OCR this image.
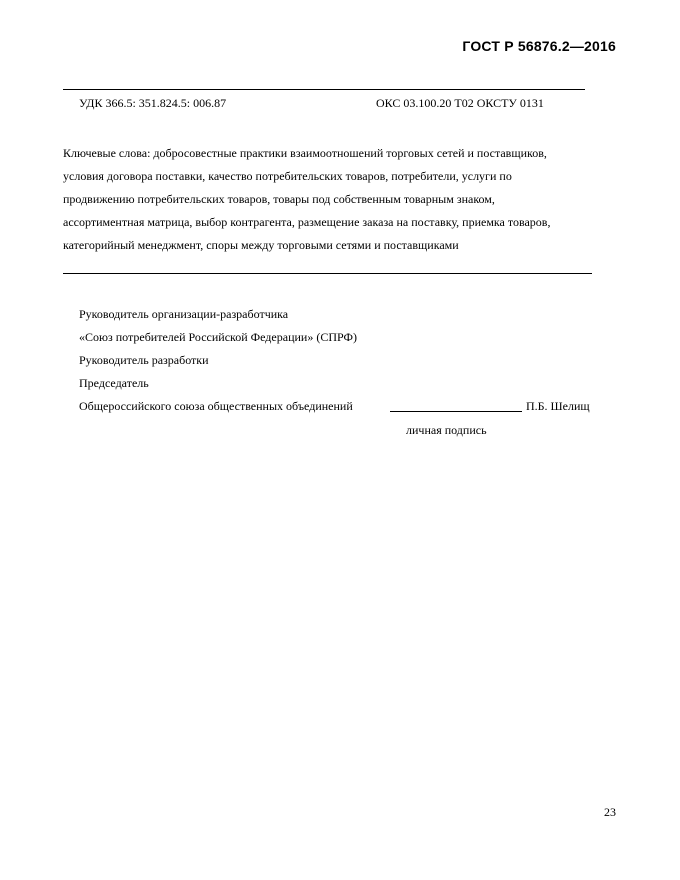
ГОСТ Р 56876.2—2016
УДК 366.5: 351.824.5: 006.87	ОКС 03.100.20 Т02 ОКСТУ 0131
Ключевые слова: добросовестные практики взаимоотношений торговых сетей и поставщиков,
условия договора поставки, качество потребительских товаров, потребители, услуги по
продвижению потребительских товаров, товары под собственным товарным знаком,
ассортиментная матрица, выбор контрагента, размещение заказа на поставку, приемка товаров,
категорийный менеджмент, споры между торговыми сетями и поставщиками
Руководитель организации-разработчика
«Союз потребителей Российской Федерации» (СПРФ)
Руководитель разработки
Председатель
Общероссийского союза общественных объединений	П.Б. Шелищ
личная подпись
23
